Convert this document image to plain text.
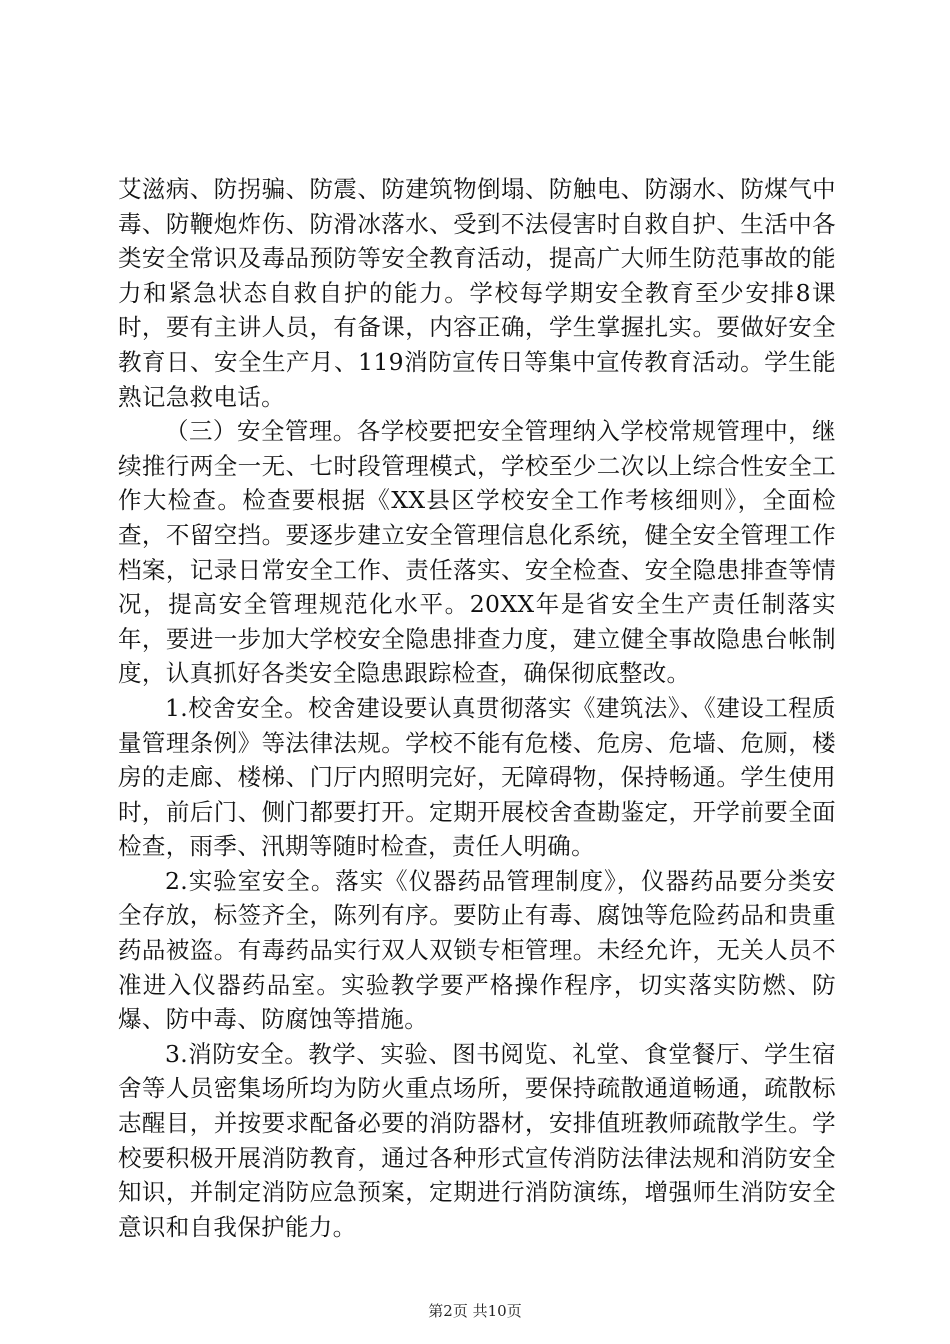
艾滋病、防拐骗、防震、防建筑物倒塌、防触电、防溺水、防煤气中毒、防鞭炮炸伤、防滑冰落水、受到不法侵害时自救自护、生活中各类安全常识及毒品预防等安全教育活动，提高广大师生防范事故的能力和紧急状态自救自护的能力。学校每学期安全教育至少安排8课时，要有主讲人员，有备课，内容正确，学生掌握扎实。要做好安全教育日、安全生产月、119消防宣传日等集中宣传教育活动。学生能熟记急救电话。

（三）安全管理。各学校要把安全管理纳入学校常规管理中，继续推行两全一无、七时段管理模式，学校至少二次以上综合性安全工作大检查。检查要根据《XX县区学校安全工作考核细则》，全面检查，不留空挡。要逐步建立安全管理信息化系统，健全安全管理工作档案，记录日常安全工作、责任落实、安全检查、安全隐患排查等情况，提高安全管理规范化水平。20XX年是省安全生产责任制落实年，要进一步加大学校安全隐患排查力度，建立健全事故隐患台帐制度，认真抓好各类安全隐患跟踪检查，确保彻底整改。

1.校舍安全。校舍建设要认真贯彻落实《建筑法》、《建设工程质量管理条例》等法律法规。学校不能有危楼、危房、危墙、危厕，楼房的走廊、楼梯、门厅内照明完好，无障碍物，保持畅通。学生使用时，前后门、侧门都要打开。定期开展校舍查勘鉴定，开学前要全面检查，雨季、汛期等随时检查，责任人明确。

2.实验室安全。落实《仪器药品管理制度》，仪器药品要分类安全存放，标签齐全，陈列有序。要防止有毒、腐蚀等危险药品和贵重药品被盗。有毒药品实行双人双锁专柜管理。未经允许，无关人员不准进入仪器药品室。实验教学要严格操作程序，切实落实防燃、防爆、防中毒、防腐蚀等措施。

3.消防安全。教学、实验、图书阅览、礼堂、食堂餐厅、学生宿舍等人员密集场所均为防火重点场所，要保持疏散通道畅通，疏散标志醒目，并按要求配备必要的消防器材，安排值班教师疏散学生。学校要积极开展消防教育，通过各种形式宣传消防法律法规和消防安全知识，并制定消防应急预案，定期进行消防演练，增强师生消防安全意识和自我保护能力。

第2页 共10页
